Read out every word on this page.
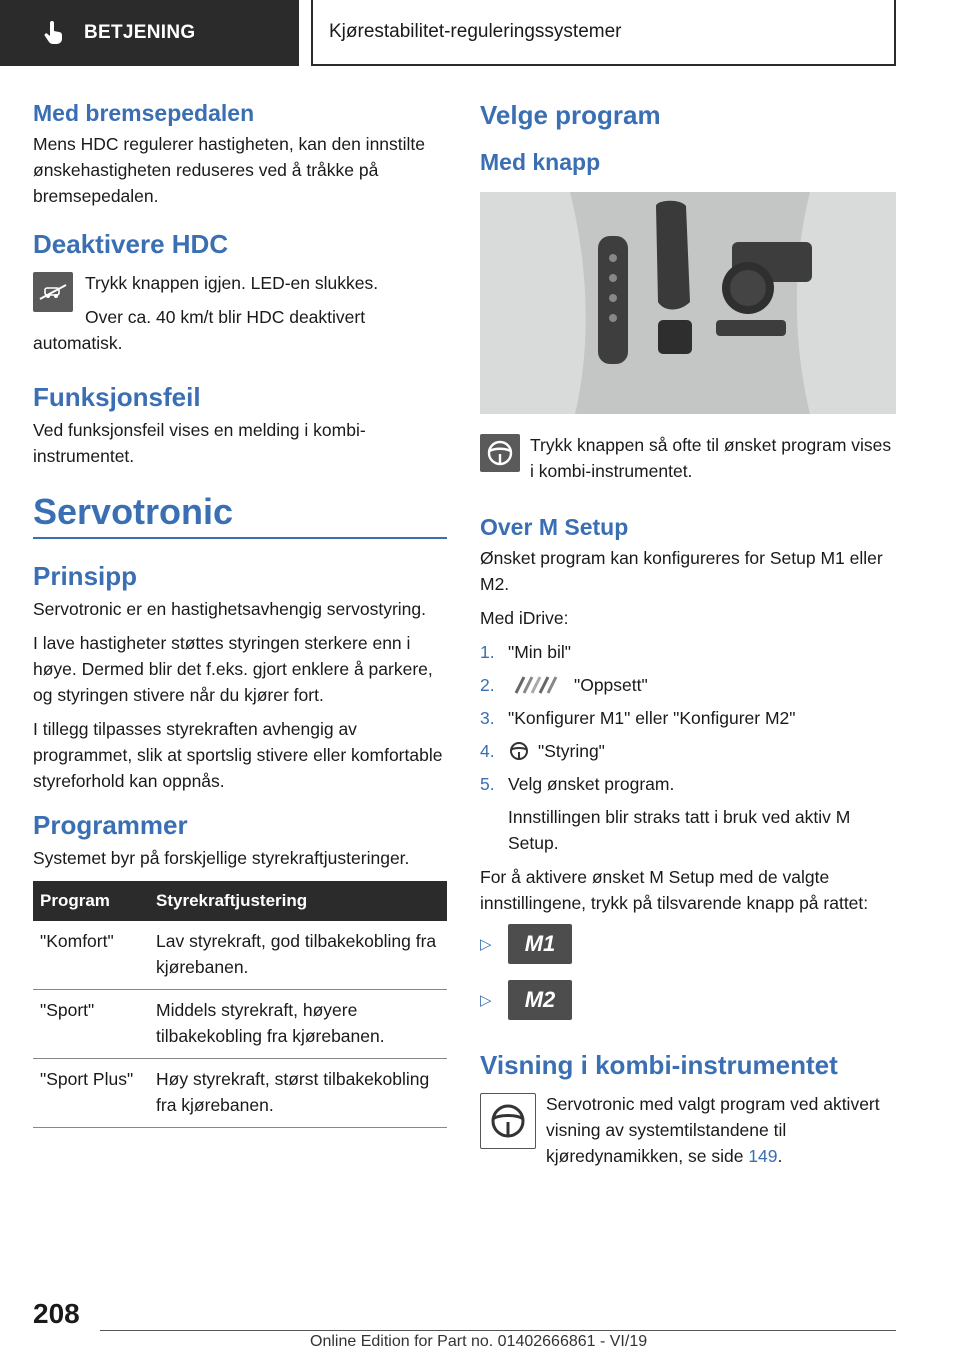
BETJENING	Kjørestabilitet-reguleringssystemer
Med bremsepedalen

Mens HDC regulerer hastigheten, kan den innstilte ønskehastigheten reduseres ved å tråkke på bremsepedalen.

Deaktivere HDC

Trykk knappen igjen. LED-en slukkes.

Over ca. 40 km/t blir HDC deaktivert automatisk.

Funksjonsfeil

Ved funksjonsfeil vises en melding i kombi-instrumentet.

Servotronic
Prinsipp

Servotronic er en hastighetsavhengig servostyring.

I lave hastigheter støttes styringen sterkere enn i høye. Dermed blir det f.eks. gjort enklere å parkere, og styringen stivere når du kjører fort.

I tillegg tilpasses styrekraften avhengig av programmet, slik at sportslig stivere eller komfortable styreforhold kan oppnås.

Programmer

Systemet byr på forskjellige styrekraftjusteringer.

Program	Styrekraftjustering
"Komfort"	Lav styrekraft, god tilbakekobling fra kjørebanen.
"Sport"	Middels styrekraft, høyere tilbakekobling fra kjørebanen.
"Sport Plus"	Høy styrekraft, størst tilbakekobling fra kjørebanen.
Velge program
Med knapp

Trykk knappen så ofte til ønsket program vises i kombi-instrumentet.

Over M Setup

Ønsket program kan konfigureres for Setup M1 eller M2.

Med iDrive:

1. "Min bil"
2.	"Oppsett"
3. "Konfigurer M1" eller "Konfigurer M2"
4.	"Styring"
5. Velg ønsket program.

Innstillingen blir straks tatt i bruk ved aktiv M Setup.

For å aktivere ønsket M Setup med de valgte innstillingene, trykk på tilsvarende knapp på rattet:

▷	M1
▷	M2
Visning i kombi-instrumentet

Servotronic med valgt program ved aktivert visning av systemtilstandene til kjøredynamikken, se side 149.

208
Online Edition for Part no. 01402666861 - VI/19
